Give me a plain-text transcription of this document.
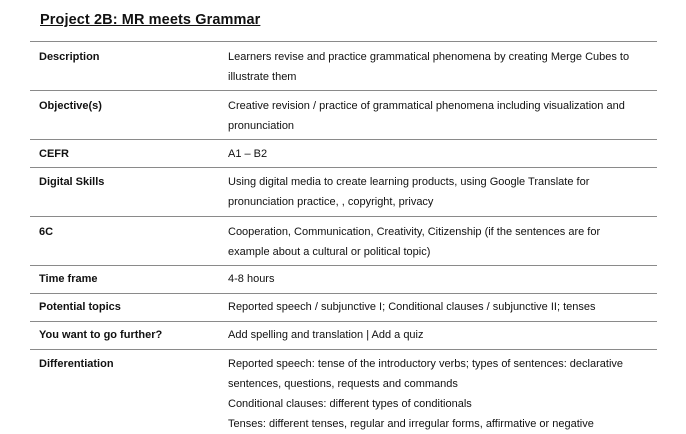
Project 2B: MR meets Grammar
Description	Learners revise and practice grammatical phenomena by creating Merge Cubes to
illustrate them

Objective(s)	Creative revision / practice of grammatical phenomena including visualization and
pronunciation

CEFR	A1 – B2

Digital Skills	Using digital media to create learning products, using Google Translate for
pronunciation practice, , copyright, privacy

6C	Cooperation, Communication, Creativity, Citizenship (if the sentences are for
example about a cultural or political topic)

Time frame	4-8 hours

Potential topics	Reported speech / subjunctive I; Conditional clauses / subjunctive II; tenses

You want to go further?	Add spelling and translation | Add a quiz

Differentiation	Reported speech: tense of the introductory verbs; types of sentences: declarative
sentences, questions, requests and commands
Conditional clauses: different types of conditionals
Tenses: different tenses, regular and irregular forms, affirmative or negative
